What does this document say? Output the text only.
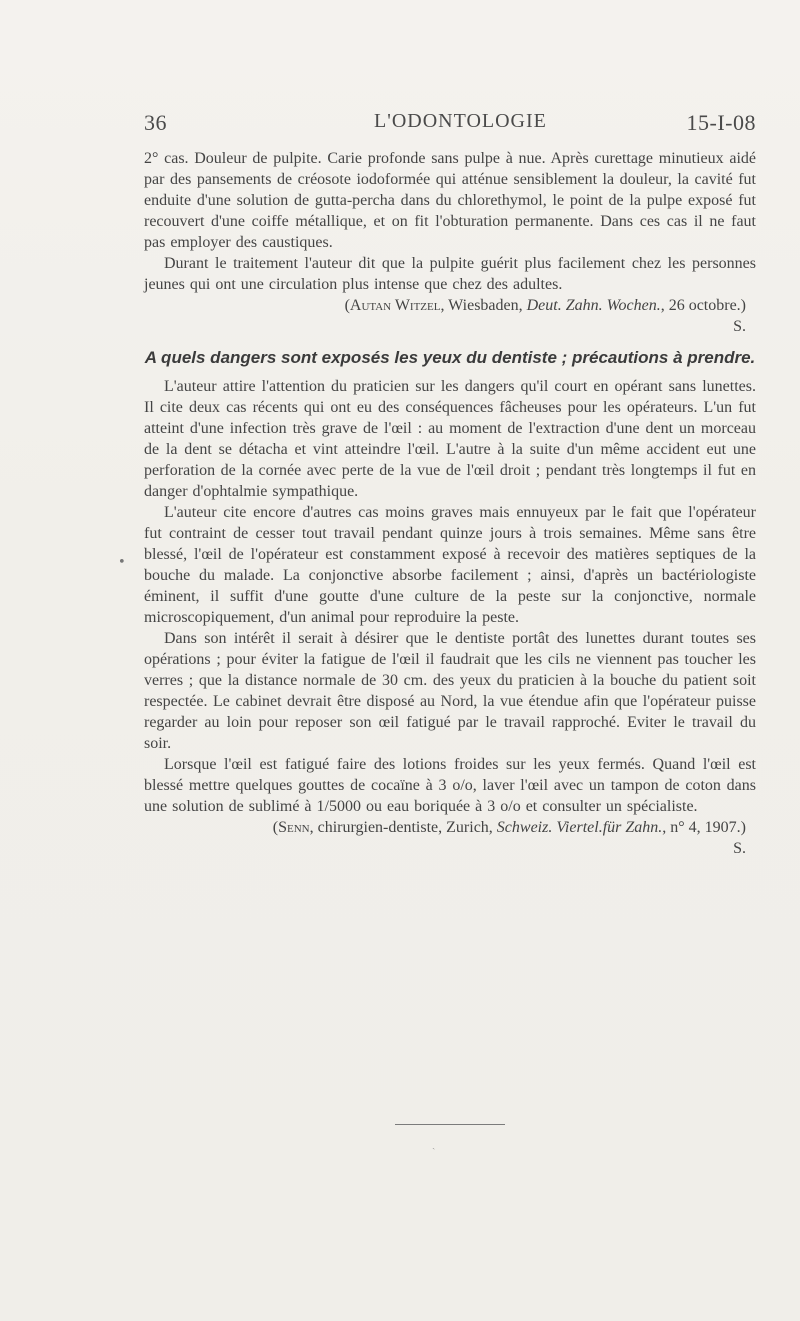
36	L'ODONTOLOGIE	15-I-08

2° cas. Douleur de pulpite. Carie profonde sans pulpe à nue. Après curettage minutieux aidé par des pansements de créosote iodoformée qui atténue sensiblement la douleur, la cavité fut enduite d'une solution de gutta-percha dans du chlorethymol, le point de la pulpe exposé fut recouvert d'une coiffe métallique, et on fit l'obturation permanente. Dans ces cas il ne faut pas employer des caustiques.

Durant le traitement l'auteur dit que la pulpite guérit plus facilement chez les personnes jeunes qui ont une circulation plus intense que chez des adultes.

(Autan Witzel, Wiesbaden, Deut. Zahn. Wochen., 26 octobre.)

S.

A quels dangers sont exposés les yeux du dentiste ; précautions à prendre.

L'auteur attire l'attention du praticien sur les dangers qu'il court en opérant sans lunettes. Il cite deux cas récents qui ont eu des conséquences fâcheuses pour les opérateurs. L'un fut atteint d'une infection très grave de l'œil : au moment de l'extraction d'une dent un morceau de la dent se détacha et vint atteindre l'œil. L'autre à la suite d'un même accident eut une perforation de la cornée avec perte de la vue de l'œil droit ; pendant très longtemps il fut en danger d'ophtalmie sympathique.

L'auteur cite encore d'autres cas moins graves mais ennuyeux par le fait que l'opérateur fut contraint de cesser tout travail pendant quinze jours à trois semaines. Même sans être blessé, l'œil de l'opérateur est constamment exposé à recevoir des matières septiques de la bouche du malade. La conjonctive absorbe facilement ; ainsi, d'après un bactériologiste éminent, il suffit d'une goutte d'une culture de la peste sur la conjonctive, normale microscopiquement, d'un animal pour reproduire la peste.

Dans son intérêt il serait à désirer que le dentiste portât des lunettes durant toutes ses opérations ; pour éviter la fatigue de l'œil il faudrait que les cils ne viennent pas toucher les verres ; que la distance normale de 30 cm. des yeux du praticien à la bouche du patient soit respectée. Le cabinet devrait être disposé au Nord, la vue étendue afin que l'opérateur puisse regarder au loin pour reposer son œil fatigué par le travail rapproché. Eviter le travail du soir.

Lorsque l'œil est fatigué faire des lotions froides sur les yeux fermés. Quand l'œil est blessé mettre quelques gouttes de cocaïne à 3 o/o, laver l'œil avec un tampon de coton dans une solution de sublimé à 1/5000 ou eau boriquée à 3 o/o et consulter un spécialiste.

(Senn, chirurgien-dentiste, Zurich, Schweiz. Viertel.für Zahn., n° 4, 1907.)

S.

ˏ
•
